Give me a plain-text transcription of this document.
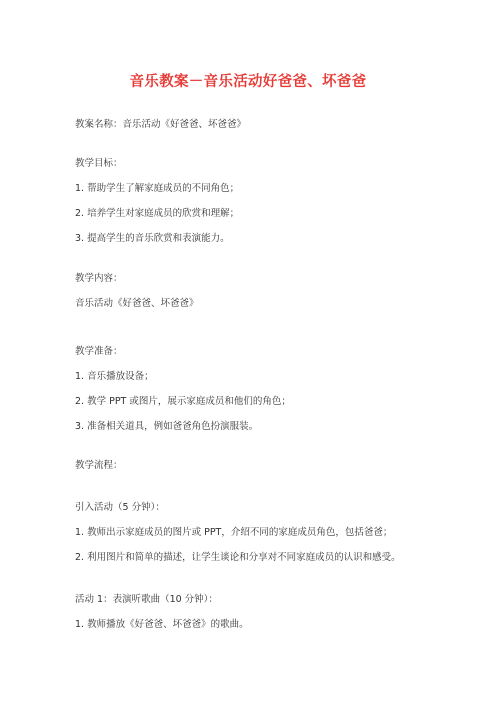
音乐教案－音乐活动好爸爸、坏爸爸
教案名称：音乐活动《好爸爸、坏爸爸》
教学目标：
1. 帮助学生了解家庭成员的不同角色；
2. 培养学生对家庭成员的欣赏和理解；
3. 提高学生的音乐欣赏和表演能力。
教学内容：
音乐活动《好爸爸、坏爸爸》
教学准备：
1. 音乐播放设备；
2. 教学 PPT 或图片，展示家庭成员和他们的角色；
3. 准备相关道具，例如爸爸角色扮演服装。
教学流程：
引入活动（5 分钟）：
1. 教师出示家庭成员的图片或 PPT，介绍不同的家庭成员角色，包括爸爸；
2. 利用图片和简单的描述，让学生谈论和分享对不同家庭成员的认识和感受。
活动 1：表演听歌曲（10 分钟）：
1. 教师播放《好爸爸、坏爸爸》的歌曲。
